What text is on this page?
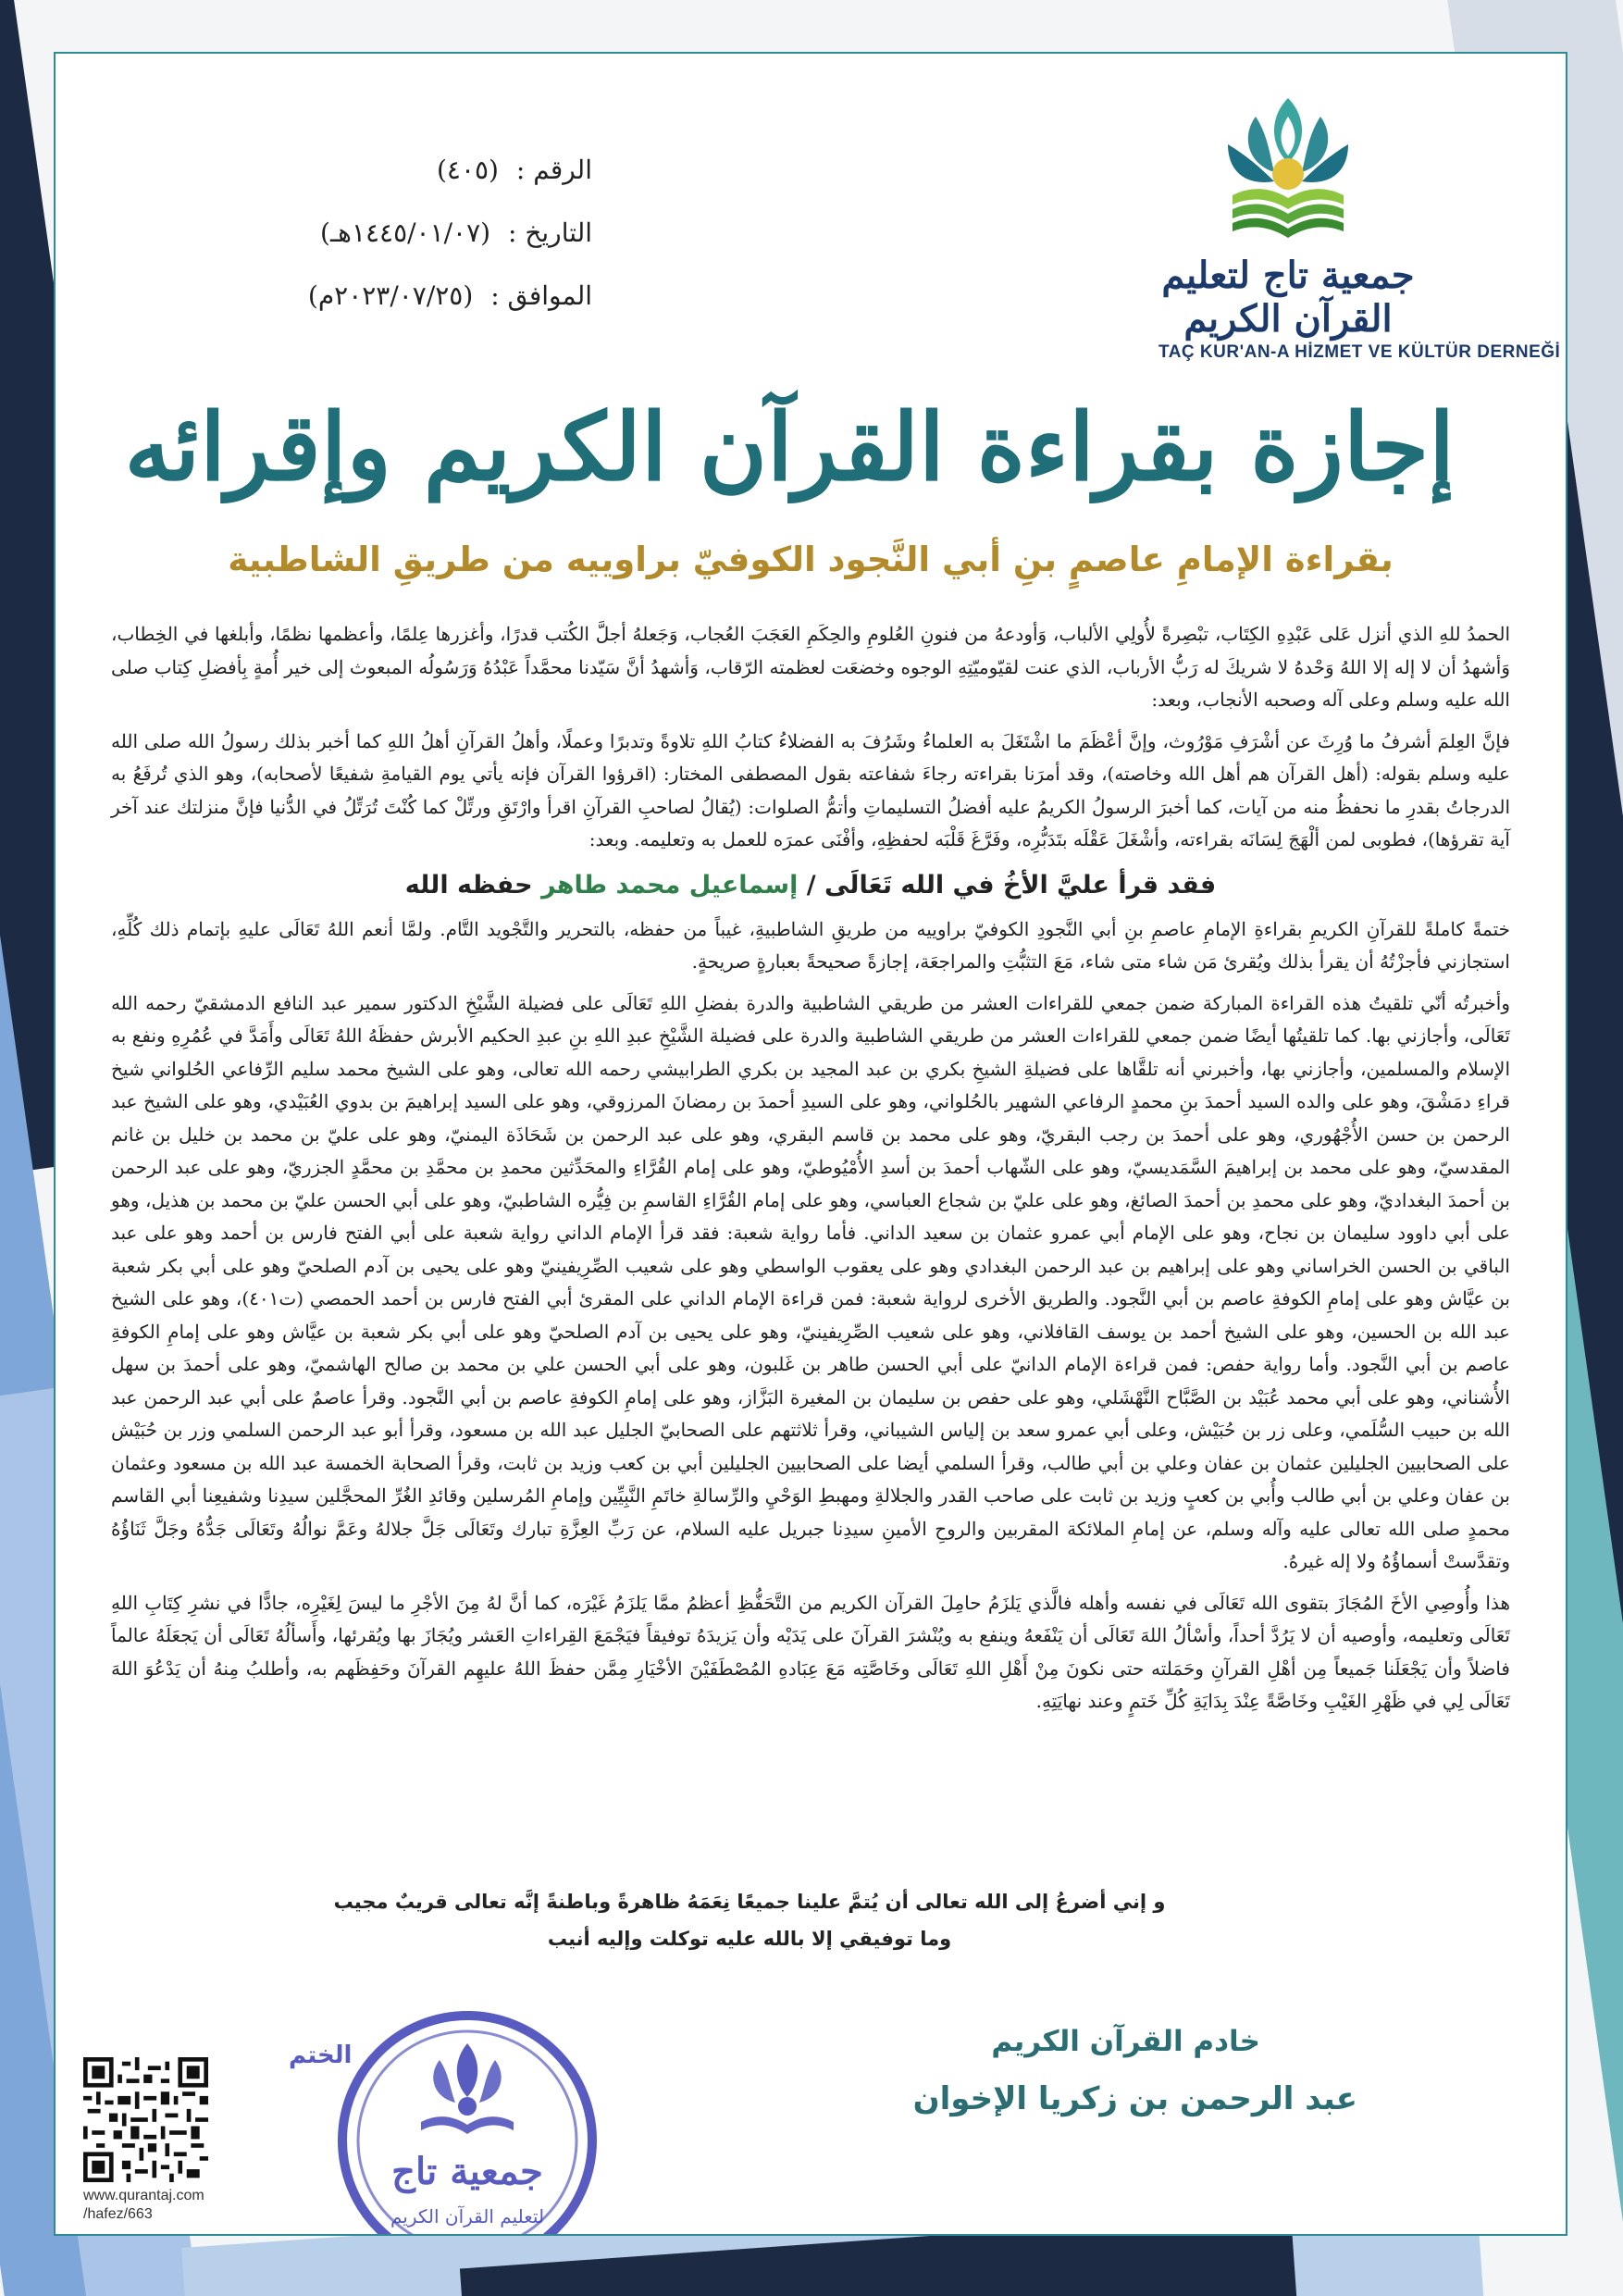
جمعية تاج لتعليم القرآن الكريم
TAÇ KUR'AN-A HİZMET VE KÜLTÜR DERNEĞİ
الرقم : (٤٠٥)
التاريخ : (١٤٤٥/٠١/٠٧هـ)
الموافق : (٢٠٢٣/٠٧/٢٥م)
إجازة بقراءة القرآن الكريم وإقرائه
بقراءة الإمامِ عاصمٍ بنِ أبي النَّجود الكوفيّ براوييه من طريقِ الشاطبية

الحمدُ للهِ الذي أنزل عَلى عَبْدِهِ الكِتَاب، تبْصِرةً لأُولِي الألباب، وَأودعهُ من فنونِ العُلومِ والحِكَمِ العَجَبَ العُجاب، وَجَعلهُ أجلَّ الكُتب قدرًا، وأغزرها عِلمًا، وأعظمها نظمًا، وأبلغها في الخِطاب، وَأشهدُ أن لا إله إلا اللهُ وَحْدهُ لا شريكَ له رَبُّ الأرباب، الذي عنت لقيّوميّتِهِ الوجوه وخضعَت لعظمته الرّقاب، وَأشهدُ أنَّ سَيّدنا محمَّداً عَبْدُهُ وَرَسُولُه المبعوث إلى خير أُمةٍ بِأفضلِ كِتاب صلى الله عليه وسلم وعلى آله وصحبه الأنجاب، وبعد:

فإنَّ العِلمَ أشرفُ ما وُرِثَ عن أشْرَفِ مَوْرُوث، وإنَّ أعْظَمَ ما اشْتَغَلَ به العلماءُ وشَرُفَ به الفضلاءُ كتابُ اللهِ تلاوةً وتدبرًا وعملًا، وأهلُ القرآنِ أهلُ اللهِ كما أخبر بذلك رسولُ الله صلى الله عليه وسلم بقوله: (أهل القرآن هم أهل الله وخاصته)، وقد أمرَنا بقراءته رجاءَ شفاعته بقول المصطفى المختار: (اقرؤوا القرآن فإنه يأتي يوم القيامةِ شفيعًا لأصحابه)، وهو الذي تُرفَعُ به الدرجاتُ بقدرِ ما نحفظُ منه من آيات، كما أخبرَ الرسولُ الكريمُ عليه أفضلُ التسليماتِ وأتمُّ الصلوات: (يُقالُ لصاحبِ القرآنِ اقرأ وارْتَقِ ورتِّلْ كما كُنْتَ تُرَتِّلُ في الدُّنيا فإنَّ منزلتك عند آخر آية تقرؤها)، فطوبى لمن ألْهَجَ لِسَانَه بقراءته، وأشْغَلَ عَقْلَه بتَدَبُّرِه، وفَرَّغَ قَلْبَه لحفظِهِ، وأفْنَى عمرَه للعمل به وتعليمه. وبعد:

فقد قرأ عليَّ الأخُ في الله تَعَالَى / إسماعيل محمد طاهر حفظه الله

ختمةً كاملةً للقرآنِ الكريمِ بقراءةِ الإمامِ عاصمِ بنِ أبي النَّجودِ الكوفيّ براوييه من طريقِ الشاطبيةِ، غيباً من حفظه، بالتحرير والتَّجْويد التَّام. ولمَّا أنعم اللهُ تَعَالَى عليهِ بإتمام ذلك كُلِّهِ، استجازني فأجزْتُهُ أن يقرأ بذلك ويُقرئ مَن شاء متى شاء، مَعَ التثبُّتِ والمراجعَة، إجازةً صحيحةً بعبارةٍ صريحةٍ.

وأخبرتُه أنّي تلقيتُ هذه القراءة المباركة ضمن جمعي للقراءات العشر من طريقي الشاطبية والدرة بفضلِ اللهِ تَعَالَى على فضيلة الشَّيْخِ الدكتور سمير عبد النافع الدمشقيّ رحمه الله تَعَالَى، وأجازني بها. كما تلقيتُها أيضًا ضمن جمعي للقراءات العشر من طريقي الشاطبية والدرة على فضيلة الشَّيْخِ عبدِ اللهِ بنِ عبدِ الحكيم الأبرش حفظَهُ اللهُ تَعَالَى وأَمَدَّ في عُمُرِهِ ونفع به الإسلام والمسلمين، وأجازني بها، وأخبرني أنه تلقَّاها على فضيلةِ الشيخِ بكري بن عبد المجيد بن بكري الطرابيشي رحمه الله تعالى، وهو على الشيخ محمد سليم الرِّفاعي الحُلواني شيخ قراءِ دمَشْقَ، وهو على والده السيد أحمدَ بنِ محمدٍ الرفاعي الشهير بالحُلواني، وهو على السيدِ أحمدَ بن رمضانَ المرزوقي، وهو على السيد إبراهيمَ بن بدوي العُبَيْدي، وهو على الشيخ عبد الرحمن بن حسن الأُجْهُوري، وهو على أحمدَ بن رجب البقريّ، وهو على محمد بن قاسم البقري، وهو على عبد الرحمن بن شَحَاذَة اليمنيّ، وهو على عليّ بن محمد بن خليل بن غانم المقدسيّ، وهو على محمد بن إبراهيمَ السَّمَديسيّ، وهو على الشّهاب أحمدَ بن أسدِ الأُمْيُوطيّ، وهو على إمام القُرَّاءِ والمحَدِّثين محمدِ بن محمَّدِ بن محمَّدٍ الجزريّ، وهو على عبد الرحمن بن أحمدَ البغداديّ، وهو على محمدِ بن أحمدَ الصائغ، وهو على عليّ بن شجاع العباسي، وهو على إمام القُرَّاءِ القاسمِ بن فِيُّره الشاطبيّ، وهو على أبي الحسن عليّ بن محمد بن هذيل، وهو على أبي داوود سليمان بن نجاح، وهو على الإمام أبي عمرو عثمان بن سعيد الداني. فأما رواية شعبة: فقد قرأ الإمام الداني رواية شعبة على أبي الفتح فارس بن أحمد وهو على عبد الباقي بن الحسن الخراساني وهو على إبراهيم بن عبد الرحمن البغدادي وهو على يعقوب الواسطي وهو على شعيب الصِّرِيفينيّ وهو على يحيى بن آدم الصلحيّ وهو على أبي بكر شعبة بن عيَّاش وهو على إمامِ الكوفةِ عاصم بن أبي النَّجود. والطريق الأخرى لرواية شعبة: فمن قراءة الإمام الداني على المقرئ أبي الفتح فارس بن أحمد الحمصي (ت٤٠١)، وهو على الشيخ عبد الله بن الحسين، وهو على الشيخ أحمد بن يوسف القافلاني، وهو على شعيب الصِّرِيفينيّ، وهو على يحيى بن آدم الصلحيّ وهو على أبي بكر شعبة بن عيَّاش وهو على إمامِ الكوفةِ عاصم بن أبي النَّجود. وأما رواية حفص: فمن قراءة الإمام الدانيّ على أبي الحسن طاهر بن غَلبون، وهو على أبي الحسن علي بن محمد بن صالح الهاشميّ، وهو على أحمدَ بن سهل الأُشناني، وهو على أبي محمد عُبَيْد بن الصَّبَّاح النَّهْشَلي، وهو على حفص بن سليمان بن المغيرة البَزَّاز، وهو على إمامِ الكوفةِ عاصم بن أبي النَّجود. وقرأ عاصمٌ على أبي عبد الرحمن عبد الله بن حبيب السُّلَمي، وعلى زر بن حُبَيْش، وعلى أبي عمرو سعد بن إلياس الشيباني، وقرأ ثلاثتهم على الصحابيّ الجليل عبد الله بن مسعود، وقرأ أبو عبد الرحمن السلمي وزر بن حُبَيْش على الصحابيين الجليلين عثمان بن عفان وعلي بن أبي طالب، وقرأ السلمي أيضا على الصحابيين الجليلين أبي بن كعب وزيد بن ثابت، وقرأ الصحابة الخمسة عبد الله بن مسعود وعثمان بن عفان وعلي بن أبي طالب وأُبي بن كعبٍ وزيد بن ثابت على صاحب القدر والجلالةِ ومهبطِ الوَحْيِ والرِّسالةِ خاتَمِ النَّبِيِّين وإمامِ المُرسلين وقائدِ الغُرِّ المحجَّلين سيدِنا وشفيعِنا أبي القاسم محمدٍ صلى الله تعالى عليه وآله وسلم، عن إمامِ الملائكة المقربين والروحِ الأمينِ سيدِنا جبريل عليه السلام، عن رَبِّ العِزَّةِ تبارك وتَعَالَى جَلَّ جلالهُ وعَمَّ نوالُهُ وتَعَالَى جَدُّهُ وجَلَّ ثَنَاؤُهُ وتقدَّستْ أسماؤُهُ ولا إله غيرهُ.

هذا وأُوصِي الأخَ المُجَازَ بتقوى الله تَعَالَى في نفسه وأهله فالَّذي يَلزَمُ حامِلَ القرآن الكريم من التَّحَفُّظِ أعظمُ ممَّا يَلزَمُ غَيْرَه، كما أنَّ لهُ مِنَ الأجْرِ ما ليسَ لِغَيْرِه، جادًّا في نشرِ كِتَابِ اللهِ تَعَالَى وتعليمه، وأوصيه أن لا يَرُدَّ أحداً، وأسْألُ اللهَ تَعَالَى أن يَنْفَعهُ وينفع به ويُنْشرَ القرآنَ على يَدَيْه وأن يَزيدَهُ توفيقاً فيَجْمَعَ القِراءاتِ العَشر ويُجَازَ بها ويُقرئها، وأَسألُهُ تَعَالَى أن يَجعَلَهُ عالماً فاضلاً وأن يَجْعَلَنا جَميعاً مِن أهْلِ القرآنِ وحَمَلته حتى نكونَ مِنْ أَهْلِ اللهِ تَعَالَى وخَاصَّتِه مَعَ عِبَادهِ المُصْطَفَيْنَ الأخْيَارِ مِمَّن حفظَ اللهُ عليهِم القرآنَ وحَفِظَهم به، وأطلبُ مِنهُ أن يَدْعُوَ اللهَ تَعَالَى لِي في ظَهْرِ الغَيْبِ وخَاصَّةً عِنْدَ بِدَايَةِ كُلِّ خَتمٍ وعند نهايَتِهِ.

و إني أضرعُ إلى الله تعالى أن يُتمَّ علينا جميعًا نِعَمَهُ ظاهرةً وباطنةً إنَّه تعالى قريبٌ مجيب
وما توفيقي إلا بالله عليه توكلت وإليه أنيب
خادم القرآن الكريم
عبد الرحمن بن زكريا الإخوان
الختم
جمعية تاج
لتعليم القرآن الكريم
www.qurantaj.com
/hafez/663
